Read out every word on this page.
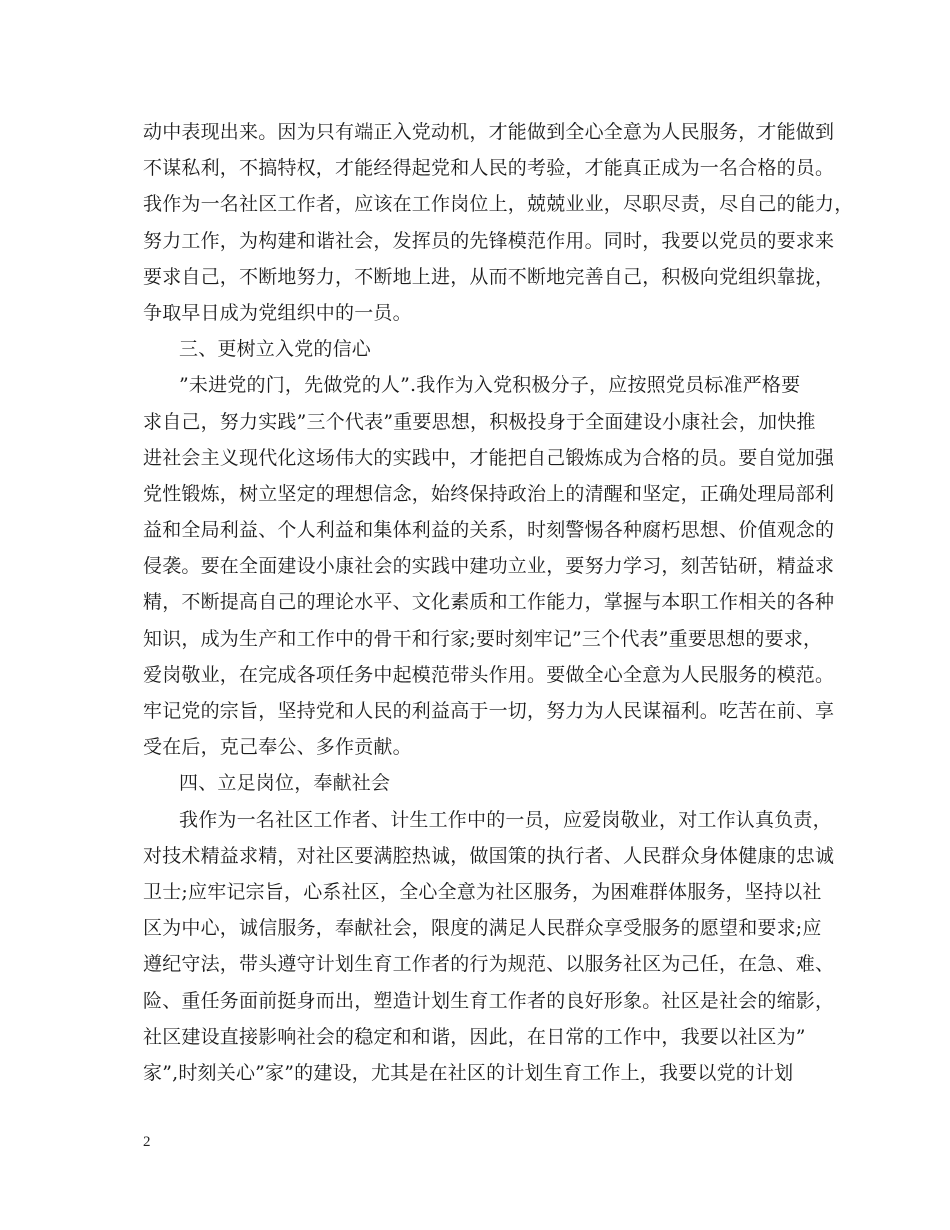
动中表现出来。因为只有端正入党动机，才能做到全心全意为人民服务，才能做到
不谋私利，不搞特权，才能经得起党和人民的考验，才能真正成为一名合格的员。
我作为一名社区工作者，应该在工作岗位上，兢兢业业，尽职尽责，尽自己的能力，
努力工作，为构建和谐社会，发挥员的先锋模范作用。同时，我要以党员的要求来
要求自己，不断地努力，不断地上进，从而不断地完善自己，积极向党组织靠拢，
争取早日成为党组织中的一员。
三、更树立入党的信心
”未进党的门，先做党的人”.我作为入党积极分子，应按照党员标准严格要
求自己，努力实践”三个代表”重要思想，积极投身于全面建设小康社会，加快推
进社会主义现代化这场伟大的实践中，才能把自己锻炼成为合格的员。要自觉加强
党性锻炼，树立坚定的理想信念，始终保持政治上的清醒和坚定，正确处理局部利
益和全局利益、个人利益和集体利益的关系，时刻警惕各种腐朽思想、价值观念的
侵袭。要在全面建设小康社会的实践中建功立业，要努力学习，刻苦钻研，精益求
精，不断提高自己的理论水平、文化素质和工作能力，掌握与本职工作相关的各种
知识，成为生产和工作中的骨干和行家;要时刻牢记”三个代表”重要思想的要求，
爱岗敬业，在完成各项任务中起模范带头作用。要做全心全意为人民服务的模范。
牢记党的宗旨，坚持党和人民的利益高于一切，努力为人民谋福利。吃苦在前、享
受在后，克己奉公、多作贡献。
四、立足岗位，奉献社会
我作为一名社区工作者、计生工作中的一员，应爱岗敬业，对工作认真负责，
对技术精益求精，对社区要满腔热诚，做国策的执行者、人民群众身体健康的忠诚
卫士;应牢记宗旨，心系社区，全心全意为社区服务，为困难群体服务，坚持以社
区为中心，诚信服务，奉献社会，限度的满足人民群众享受服务的愿望和要求;应
遵纪守法，带头遵守计划生育工作者的行为规范、以服务社区为己任，在急、难、
险、重任务面前挺身而出，塑造计划生育工作者的良好形象。社区是社会的缩影，
社区建设直接影响社会的稳定和和谐，因此，在日常的工作中，我要以社区为”
家”,时刻关心”家”的建设，尤其是在社区的计划生育工作上，我要以党的计划
2
